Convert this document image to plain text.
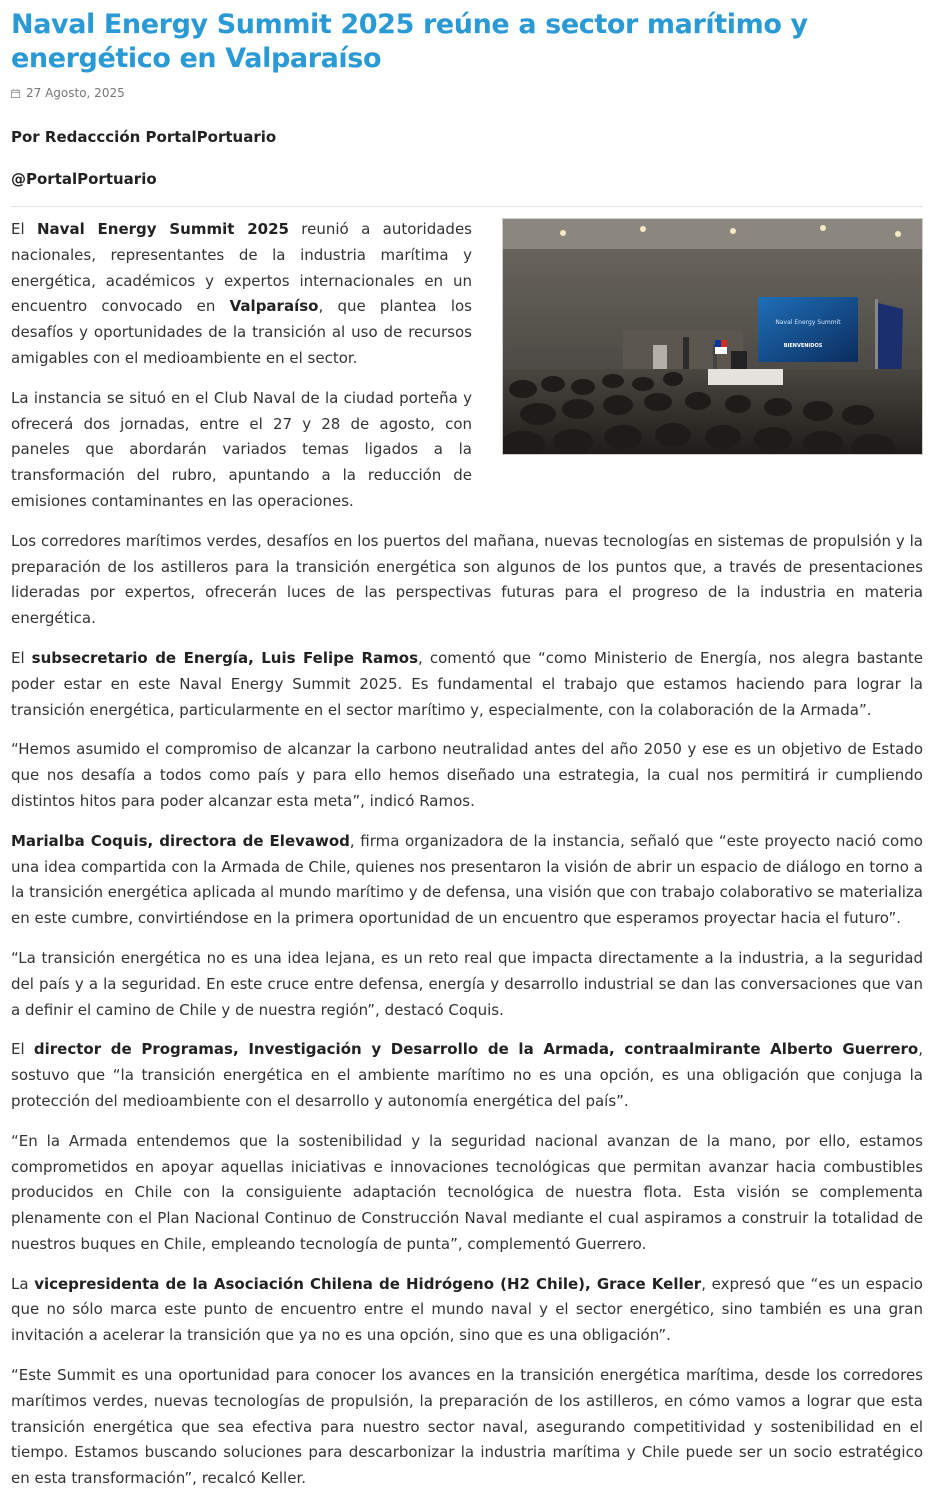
Naval Energy Summit 2025 reúne a sector marítimo y energético en Valparaíso
27 Agosto, 2025

Por Redaccción PortalPortuario

@PortalPortuario

Naval Energy Summit
BIENVENIDOS

El Naval Energy Summit 2025 reunió a autoridades nacionales, representantes de la industria marítima y energética, académicos y expertos internacionales en un encuentro convocado en Valparaíso, que plantea los desafíos y oportunidades de la transición al uso de recursos amigables con el medioambiente en el sector.

La instancia se situó en el Club Naval de la ciudad porteña y ofrecerá dos jornadas, entre el 27 y 28 de agosto, con paneles que abordarán variados temas ligados a la transformación del rubro, apuntando a la reducción de emisiones contaminantes en las operaciones.

Los corredores marítimos verdes, desafíos en los puertos del mañana, nuevas tecnologías en sistemas de propulsión y la preparación de los astilleros para la transición energética son algunos de los puntos que, a través de presentaciones lideradas por expertos, ofrecerán luces de las perspectivas futuras para el progreso de la industria en materia energética.

El subsecretario de Energía, Luis Felipe Ramos, comentó que “como Ministerio de Energía, nos alegra bastante poder estar en este Naval Energy Summit 2025. Es fundamental el trabajo que estamos haciendo para lograr la transición energética, particularmente en el sector marítimo y, especialmente, con la colaboración de la Armada”.

“Hemos asumido el compromiso de alcanzar la carbono neutralidad antes del año 2050 y ese es un objetivo de Estado que nos desafía a todos como país y para ello hemos diseñado una estrategia, la cual nos permitirá ir cumpliendo distintos hitos para poder alcanzar esta meta”, indicó Ramos.

Marialba Coquis, directora de Elevawod, firma organizadora de la instancia, señaló que “este proyecto nació como una idea compartida con la Armada de Chile, quienes nos presentaron la visión de abrir un espacio de diálogo en torno a la transición energética aplicada al mundo marítimo y de defensa, una visión que con trabajo colaborativo se materializa en este cumbre, convirtiéndose en la primera oportunidad de un encuentro que esperamos proyectar hacia el futuro”.

“La transición energética no es una idea lejana, es un reto real que impacta directamente a la industria, a la seguridad del país y a la seguridad. En este cruce entre defensa, energía y desarrollo industrial se dan las conversaciones que van a definir el camino de Chile y de nuestra región”, destacó Coquis.

El director de Programas, Investigación y Desarrollo de la Armada, contraalmirante Alberto Guerrero, sostuvo que “la transición energética en el ambiente marítimo no es una opción, es una obligación que conjuga la protección del medioambiente con el desarrollo y autonomía energética del país”.

“En la Armada entendemos que la sostenibilidad y la seguridad nacional avanzan de la mano, por ello, estamos comprometidos en apoyar aquellas iniciativas e innovaciones tecnológicas que permitan avanzar hacia combustibles producidos en Chile con la consiguiente adaptación tecnológica de nuestra flota. Esta visión se complementa plenamente con el Plan Nacional Continuo de Construcción Naval mediante el cual aspiramos a construir la totalidad de nuestros buques en Chile, empleando tecnología de punta”, complementó Guerrero.

La vicepresidenta de la Asociación Chilena de Hidrógeno (H2 Chile), Grace Keller, expresó que “es un espacio que no sólo marca este punto de encuentro entre el mundo naval y el sector energético, sino también es una gran invitación a acelerar la transición que ya no es una opción, sino que es una obligación”.

“Este Summit es una oportunidad para conocer los avances en la transición energética marítima, desde los corredores marítimos verdes, nuevas tecnologías de propulsión, la preparación de los astilleros, en cómo vamos a lograr que esta transición energética que sea efectiva para nuestro sector naval, asegurando competitividad y sostenibilidad en el tiempo. Estamos buscando soluciones para descarbonizar la industria marítima y Chile puede ser un socio estratégico en esta transformación”, recalcó Keller.
